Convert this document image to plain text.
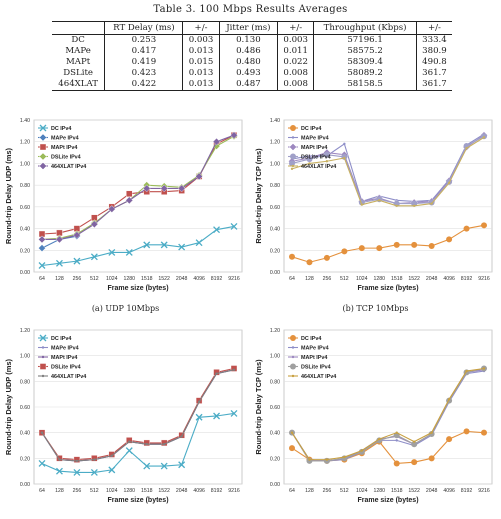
Table 3. 100 Mbps Results Averages
	RT Delay (ms)	+/-	Jitter (ms)	+/-	Throughput (Kbps)	+/-
DC	0.253	0.003	0.130	0.003	57196.1	333.4
MAPe	0.417	0.013	0.486	0.011	58575.2	380.9
MAPt	0.419	0.015	0.480	0.022	58309.4	490.8
DSLite	0.423	0.013	0.493	0.008	58089.2	361.7
464XLAT	0.422	0.013	0.487	0.008	58158.5	361.7
0.00
0.20
0.40
0.60
0.80
1.00
1.20
1.40
64 128 256 512 1024 1280 1518 1522 2048 4096 8192 9216
Frame size (bytes)
Round-trip Delay UDP (ms)
DC IPv4
MAPe IPv4
MAPt IPv4
DSLite IPv4
464XLAT IPv4
(a) UDP 10Mbps
0.00
0.20
0.40
0.60
0.80
1.00
1.20
1.40
64 128 256 512 1024 1280 1518 1522 2048 4096 8192 9216
Frame size (bytes)
Round-trip Delay TCP (ms)
DC IPv4
MAPe IPv4
MAPt IPv4
DSLite IPv4
464XLAT IPv4
(b) TCP 10Mbps
0.00
0.20
0.40
0.60
0.80
1.00
1.20
64 128 256 512 1024 1280 1518 1522 2048 4096 8192 9216
Frame size (bytes)
Round-trip Delay UDP (ms)
DC IPv4
MAPe IPv4
MAPt IPv4
DSLite IPv4
464XLAT IPv4
0.00
0.20
0.40
0.60
0.80
1.00
1.20
64 128 256 512 1024 1280 1518 1522 2048 4096 8192 9216
Frame size (bytes)
Round-trip Delay TCP (ms)
DC IPv4
MAPe IPv4
MAPt IPv4
DSLite IPv4
464XLAT IPv4
